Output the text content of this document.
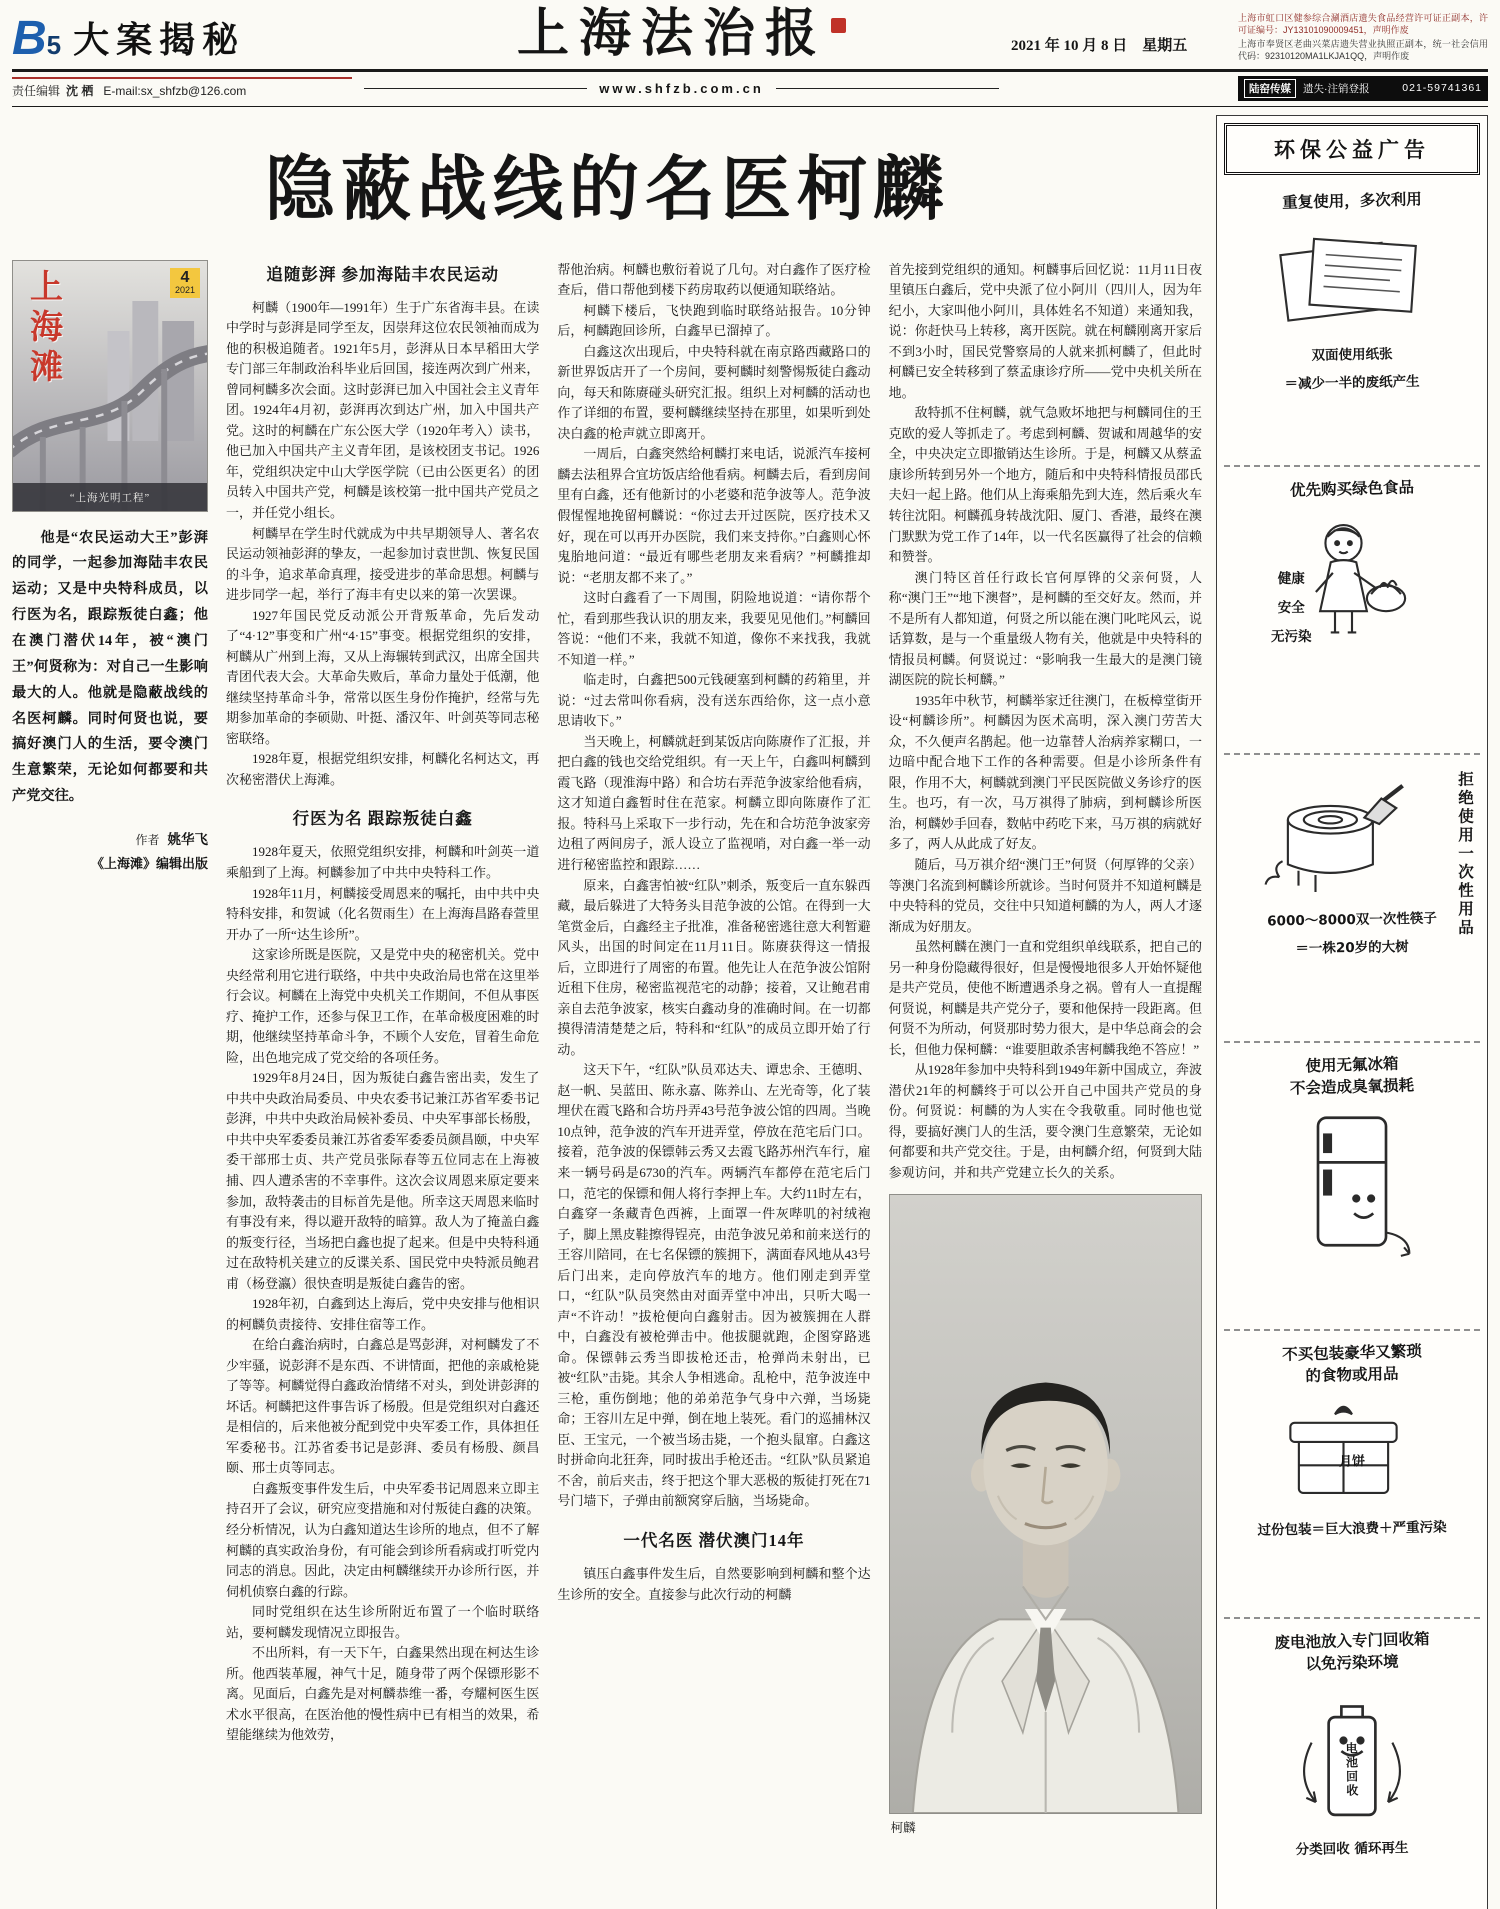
B5 大案揭秘	上海法治报	2021 年 10 月 8 日　星期五

上海市虹口区健参综合涮酒店遗失食品经营许可证正副本，许可证编号：JY13101090009451，声明作废

上海市奉贤区老曲兴菜店遗失营业执照正副本，统一社会信用代码：92310120MA1LKJA1QQ，声明作废

责任编辑 沈 栖 E-mail:sx_shfzb@126.com	www.shfzb.com.cn	陆窑传媒	遗失·注销登报	021-59741361
隐蔽战线的名医柯麟
上海滩	4
2021
“上海光明工程”

他是“农民运动大王”彭湃的同学，一起参加海陆丰农民运动；又是中央特科成员，以行医为名，跟踪叛徒白鑫；他在澳门潜伏14年，被“澳门王”何贤称为：对自己一生影响最大的人。他就是隐蔽战线的名医柯麟。同时何贤也说，要搞好澳门人的生活，要令澳门生意繁荣，无论如何都要和共产党交往。

作者 姚华飞
《上海滩》编辑出版
追随彭湃 参加海陆丰农民运动

柯麟（1900年—1991年）生于广东省海丰县。在读中学时与彭湃是同学至友，因崇拜这位农民领袖而成为他的积极追随者。1921年5月，彭湃从日本早稻田大学专门部三年制政治科毕业后回国，接连两次到广州来，曾同柯麟多次会面。这时彭湃已加入中国社会主义青年团。1924年4月初，彭湃再次到达广州，加入中国共产党。这时的柯麟在广东公医大学（1920年考入）读书，他已加入中国共产主义青年团，是该校团支书记。1926年，党组织决定中山大学医学院（已由公医更名）的团员转入中国共产党，柯麟是该校第一批中国共产党员之一，并任党小组长。

柯麟早在学生时代就成为中共早期领导人、著名农民运动领袖彭湃的挚友，一起参加讨袁世凯、恢复民国的斗争，追求革命真理，接受进步的革命思想。柯麟与进步同学一起，举行了海丰有史以来的第一次罢课。

1927年国民党反动派公开背叛革命，先后发动了“4·12”事变和广州“4·15”事变。根据党组织的安排，柯麟从广州到上海，又从上海辗转到武汉，出席全国共青团代表大会。大革命失败后，革命力量处于低潮，他继续坚持革命斗争，常常以医生身份作掩护，经常与先期参加革命的李硕勋、叶挺、潘汉年、叶剑英等同志秘密联络。

1928年夏，根据党组织安排，柯麟化名柯达文，再次秘密潜伏上海滩。

行医为名 跟踪叛徒白鑫

1928年夏天，依照党组织安排，柯麟和叶剑英一道乘船到了上海。柯麟参加了中共中央特科工作。

1928年11月，柯麟接受周恩来的嘱托，由中共中央特科安排，和贺诚（化名贺雨生）在上海海昌路春萱里开办了一所“达生诊所”。

这家诊所既是医院，又是党中央的秘密机关。党中央经常利用它进行联络，中共中央政治局也常在这里举行会议。柯麟在上海党中央机关工作期间，不但从事医疗、掩护工作，还参与保卫工作，在革命极度困难的时期，他继续坚持革命斗争，不顾个人安危，冒着生命危险，出色地完成了党交给的各项任务。

1929年8月24日，因为叛徒白鑫告密出卖，发生了中共中央政治局委员、中央农委书记兼江苏省军委书记彭湃，中共中央政治局候补委员、中央军事部长杨殷，中共中央军委委员兼江苏省委军委委员颜昌颐，中央军委干部邢士贞、共产党员张际春等五位同志在上海被捕、四人遭杀害的不幸事件。这次会议周恩来原定要来参加，敌特袭击的目标首先是他。所幸这天周恩来临时有事没有来，得以避开敌特的暗算。敌人为了掩盖白鑫的叛变行径，当场把白鑫也捉了起来。但是中央特科通过在敌特机关建立的反谍关系、国民党中央特派员鲍君甫（杨登瀛）很快查明是叛徒白鑫告的密。

1928年初，白鑫到达上海后，党中央安排与他相识的柯麟负责接待、安排住宿等工作。

在给白鑫治病时，白鑫总是骂彭湃，对柯麟发了不少牢骚，说彭湃不是东西、不讲情面，把他的亲戚枪毙了等等。柯麟觉得白鑫政治情绪不对头，到处讲彭湃的坏话。柯麟把这件事告诉了杨殷。但是党组织对白鑫还是相信的，后来他被分配到党中央军委工作，具体担任军委秘书。江苏省委书记是彭湃、委员有杨殷、颜昌颐、邢士贞等同志。

白鑫叛变事件发生后，中央军委书记周恩来立即主持召开了会议，研究应变措施和对付叛徒白鑫的决策。经分析情况，认为白鑫知道达生诊所的地点，但不了解柯麟的真实政治身份，有可能会到诊所看病或打听党内同志的消息。因此，决定由柯麟继续开办诊所行医，并伺机侦察白鑫的行踪。

同时党组织在达生诊所附近布置了一个临时联络站，要柯麟发现情况立即报告。

不出所料，有一天下午，白鑫果然出现在柯达生诊所。他西装革履，神气十足，随身带了两个保镖形影不离。见面后，白鑫先是对柯麟恭维一番，夸耀柯医生医术水平很高，在医治他的慢性病中已有相当的效果，希望能继续为他效劳，

帮他治病。柯麟也敷衍着说了几句。对白鑫作了医疗检查后，借口帮他到楼下药房取药以便通知联络站。

柯麟下楼后，飞快跑到临时联络站报告。10分钟后，柯麟跑回诊所，白鑫早已溜掉了。

白鑫这次出现后，中央特科就在南京路西藏路口的新世界饭店开了一个房间，要柯麟时刻警惕叛徒白鑫动向，每天和陈赓碰头研究汇报。组织上对柯麟的活动也作了详细的布置，要柯麟继续坚持在那里，如果听到处决白鑫的枪声就立即离开。

一周后，白鑫突然给柯麟打来电话，说派汽车接柯麟去法租界合宜坊饭店给他看病。柯麟去后，看到房间里有白鑫，还有他新讨的小老婆和范争波等人。范争波假惺惺地挽留柯麟说：“你过去开过医院，医疗技术又好，现在可以再开办医院，我们来支持你。”白鑫则心怀鬼胎地问道：“最近有哪些老朋友来看病？”柯麟推却说：“老朋友都不来了。”

这时白鑫看了一下周围，阴险地说道：“请你帮个忙，看到那些我认识的朋友来，我要见见他们。”柯麟回答说：“他们不来，我就不知道，像你不来找我，我就不知道一样。”

临走时，白鑫把500元钱硬塞到柯麟的药箱里，并说：“过去常叫你看病，没有送东西给你，这一点小意思请收下。”

当天晚上，柯麟就赶到某饭店向陈赓作了汇报，并把白鑫的钱也交给党组织。有一天上午，白鑫叫柯麟到霞飞路（现淮海中路）和合坊右弄范争波家给他看病，这才知道白鑫暂时住在范家。柯麟立即向陈赓作了汇报。特科马上采取下一步行动，先在和合坊范争波家旁边租了两间房子，派人设立了监视哨，对白鑫一举一动进行秘密监控和跟踪……

原来，白鑫害怕被“红队”刺杀，叛变后一直东躲西藏，最后躲进了大特务头目范争波的公馆。在得到一大笔赏金后，白鑫经主子批准，准备秘密逃往意大利暂避风头，出国的时间定在11月11日。陈赓获得这一情报后，立即进行了周密的布置。他先让人在范争波公馆附近租下住房，秘密监视范宅的动静；接着，又让鲍君甫亲自去范争波家，核实白鑫动身的准确时间。在一切都摸得清清楚楚之后，特科和“红队”的成员立即开始了行动。

这天下午，“红队”队员邓达夫、谭忠余、王德明、赵一帆、吴蓝田、陈永嘉、陈养山、左光奇等，化了装埋伏在霞飞路和合坊丹弄43号范争波公馆的四周。当晚10点钟，范争波的汽车开进弄堂，停放在范宅后门口。接着，范争波的保镖韩云秀又去霞飞路苏州汽车行，雇来一辆号码是6730的汽车。两辆汽车都停在范宅后门口，范宅的保镖和佣人将行李押上车。大约11时左右，白鑫穿一条藏青色西裤，上面罩一件灰哔叽的衬绒袍子，脚上黑皮鞋擦得锃亮，由范争波兄弟和前来送行的王容川陪同，在七名保镖的簇拥下，满面春风地从43号后门出来，走向停放汽车的地方。他们刚走到弄堂口，“红队”队员突然由对面弄堂中冲出，只听大喝一声“不许动！”拔枪便向白鑫射击。因为被簇拥在人群中，白鑫没有被枪弹击中。他拔腿就跑，企图穿路逃命。保镖韩云秀当即拔枪还击，枪弹尚未射出，已被“红队”击毙。其余人争相逃命。乱枪中，范争波连中三枪，重伤倒地；他的弟弟范争气身中六弹，当场毙命；王容川左足中弹，倒在地上装死。看门的巡捕林汉臣、王宝元，一个被当场击毙，一个抱头鼠窜。白鑫这时拼命向北狂奔，同时拔出手枪还击。“红队”队员紧追不舍，前后夹击，终于把这个罪大恶极的叛徒打死在71号门墙下，子弹由前额窝穿后脑，当场毙命。

一代名医 潜伏澳门14年

镇压白鑫事件发生后，自然要影响到柯麟和整个达生诊所的安全。直接参与此次行动的柯麟

首先接到党组织的通知。柯麟事后回忆说：11月11日夜里镇压白鑫后，党中央派了位小阿川（四川人，因为年纪小，大家叫他小阿川，具体姓名不知道）来通知我，说：你赶快马上转移，离开医院。就在柯麟刚离开家后不到3小时，国民党警察局的人就来抓柯麟了，但此时柯麟已安全转移到了蔡孟康诊疗所——党中央机关所在地。

敌特抓不住柯麟，就气急败坏地把与柯麟同住的王克欧的爱人等抓走了。考虑到柯麟、贺诚和周越华的安全，中央决定立即撤销达生诊所。于是，柯麟又从蔡孟康诊所转到另外一个地方，随后和中央特科情报员邵氏夫妇一起上路。他们从上海乘船先到大连，然后乘火车转往沈阳。柯麟孤身转战沈阳、厦门、香港，最终在澳门默默为党工作了14年，以一代名医赢得了社会的信赖和赞誉。

澳门特区首任行政长官何厚铧的父亲何贤，人称“澳门王”“地下澳督”，是柯麟的至交好友。然而，并不是所有人都知道，何贤之所以能在澳门叱咤风云，说话算数，是与一个重量级人物有关，他就是中央特科的情报员柯麟。何贤说过：“影响我一生最大的是澳门镜湖医院的院长柯麟。”

1935年中秋节，柯麟举家迁往澳门，在板樟堂街开设“柯麟诊所”。柯麟因为医术高明，深入澳门劳苦大众，不久便声名鹊起。他一边靠替人治病养家糊口，一边暗中配合地下工作的各种需要。但是小诊所条件有限，作用不大，柯麟就到澳门平民医院做义务诊疗的医生。也巧，有一次，马万祺得了肺病，到柯麟诊所医治，柯麟妙手回春，数帖中药吃下来，马万祺的病就好多了，两人从此成了好友。

随后，马万祺介绍“澳门王”何贤（何厚铧的父亲）等澳门名流到柯麟诊所就诊。当时何贤并不知道柯麟是中央特科的党员，交往中只知道柯麟的为人，两人才逐渐成为好朋友。

虽然柯麟在澳门一直和党组织单线联系，把自己的另一种身份隐藏得很好，但是慢慢地很多人开始怀疑他是共产党员，使他不断遭遇杀身之祸。曾有人一直提醒何贤说，柯麟是共产党分子，要和他保持一段距离。但何贤不为所动，何贤那时势力很大，是中华总商会的会长，但他力保柯麟：“谁要胆敢杀害柯麟我绝不答应！”

从1928年参加中央特科到1949年新中国成立，奔波潜伏21年的柯麟终于可以公开自己中国共产党员的身份。何贤说：柯麟的为人实在令我敬重。同时他也觉得，要搞好澳门人的生活，要令澳门生意繁荣，无论如何都要和共产党交往。于是，由柯麟介绍，何贤到大陆参观访问，并和共产党建立长久的关系。

柯麟
环保公益广告
重复使用，多次利用
双面使用纸张
＝减少一半的废纸产生
优先购买绿色食品
健康
安全
无污染
拒绝使用一次性用品
6000～8000双一次性筷子
＝一株20岁的大树
使用无氟冰箱
不会造成臭氧损耗
不买包装豪华又繁琐
的食物或用品
月饼
过份包装＝巨大浪费＋严重污染
废电池放入专门回收箱
以免污染环境
电池回收
分类回收 循环再生
